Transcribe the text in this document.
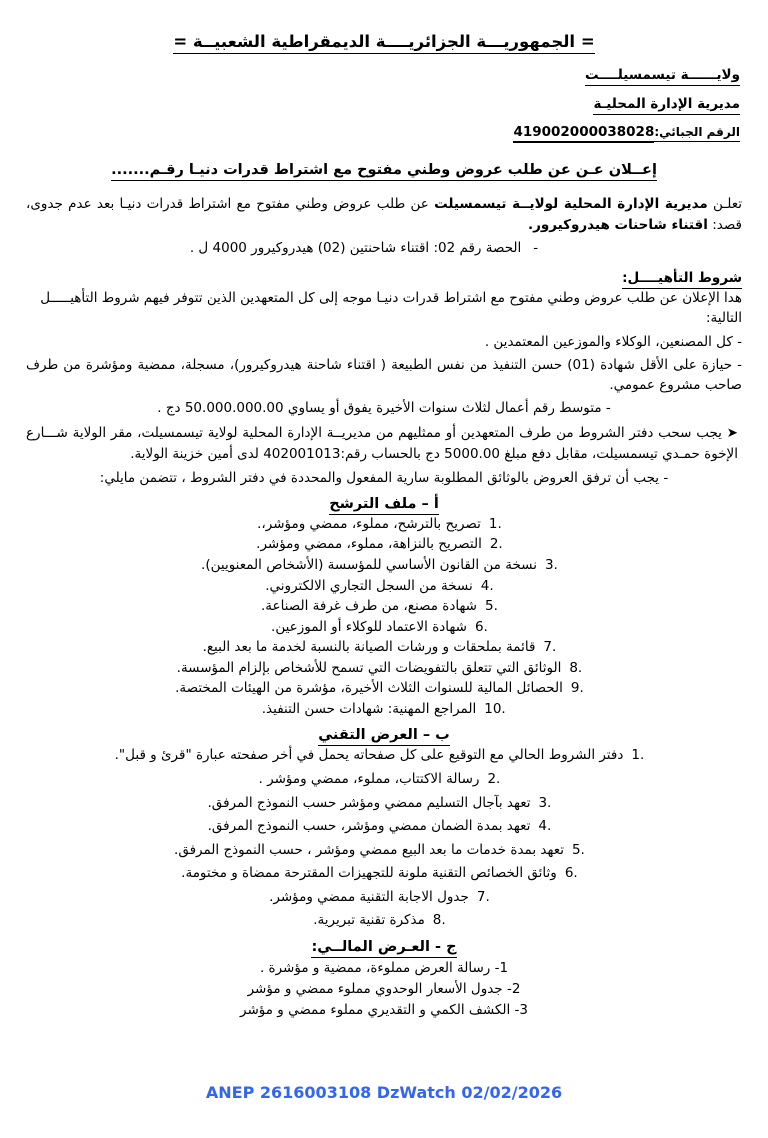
= الجمهوريـــة الجزائريــــة الديمقراطية الشعبيــة =
ولايــــــة تيسمسيلــــت
مديرية الإدارة المحليـة
الرقم الجبائي:419002000038028
إعــلان عـن عن طلب عروض وطني مفتوح مع اشتراط قدرات دنيـا رقـم.......
تعلـن مديرية الإدارة المحلية لولايــة تيسمسيلت عن طلب عروض وطني مفتوح مع اشتراط قدرات دنيـا بعد عدم جدوى، قصد: اقتناء شاحنات هيدروكيرور.
-الحصة رقم 02: اقتناء شاحنتين (02) هيدروكيرور 4000 ل .
شروط التأهيــــل:
هدا الإعلان عن طلب عروض وطني مفتوح مع اشتراط قدرات دنيـا موجه إلى كل المتعهدين الذين تتوفر فيهم شروط التأهيـــــل التالية:
- كل المصنعين، الوكلاء والموزعين المعتمدين .
- حيازة على الأقل شهادة (01) حسن التنفيذ من نفس الطبيعة ( اقتناء شاحنة هيدروكيرور)، مسجلة، ممضية ومؤشرة من طرف صاحب مشروع عمومي.
- متوسط رقم أعمال لثلاث سنوات الأخيرة يفوق أو يساوي 50.000.000.00 دج .
➤ يجب سحب دفتر الشروط من طرف المتعهدين أو ممثليهم من مديريــة الإدارة المحلية لولاية تيسمسيلت، مقر الولاية شـــارع الإخوة حمـدي تيسمسيلت، مقابل دفع مبلغ 5000.00 دج بالحساب رقم:402001013 لدى أمين خزينة الولاية.
- يجب أن ترفق العروض بالوثائق المطلوبة سارية المفعول والمحددة في دفتر الشروط ، تتضمن مايلي:
أ – ملف الترشح
1.تصريح بالترشح، مملوء، ممضي ومؤشر،.
2.التصريح بالنزاهة، مملوء، ممضي ومؤشر.
3.نسخة من القانون الأساسي للمؤسسة (الأشخاص المعنويين).
4.نسخة من السجل التجاري الالكتروني.
5.شهادة مصنع، من طرف غرفة الصناعة.
6.شهادة الاعتماد للوكلاء أو الموزعين.
7.قائمة بملحقات و ورشات الصيانة بالنسبة لخدمة ما بعد البيع.
8.الوثائق التي تتعلق بالتفويضات التي تسمح للأشخاص بإلزام المؤسسة.
9.الحصائل المالية للسنوات الثلاث الأخيرة، مؤشرة من الهيئات المختصة.
10.المراجع المهنية: شهادات حسن التنفيذ.
ب – العرض التقني
1.دفتر الشروط الحالي مع التوقيع على كل صفحاته يحمل في أخر صفحته عبارة "قرئ و قبل".
2.رسالة الاكتتاب، مملوء، ممضي ومؤشر .
3.تعهد بآجال التسليم ممضي ومؤشر حسب النموذج المرفق.
4.تعهد بمدة الضمان ممضي ومؤشر، حسب النموذج المرفق.
5.تعهد بمدة خدمات ما بعد البيع ممضي ومؤشر ، حسب النموذج المرفق.
6.وثائق الخصائص التقنية ملونة للتجهيزات المقترحة ممضاة و مختومة.
7.جدول الاجابة التقنية ممضي ومؤشر.
8.مذكرة تقنية تبريرية.
ج - العـرض المالــي:
1- رسالة العرض مملوءة، ممضية و مؤشرة .
2- جدول الأسعار الوحدوي مملوء ممضي و مؤشر
3- الكشف الكمي و التقديري مملوء ممضي و مؤشر
ANEP 2616003108 DzWatch 02/02/2026
